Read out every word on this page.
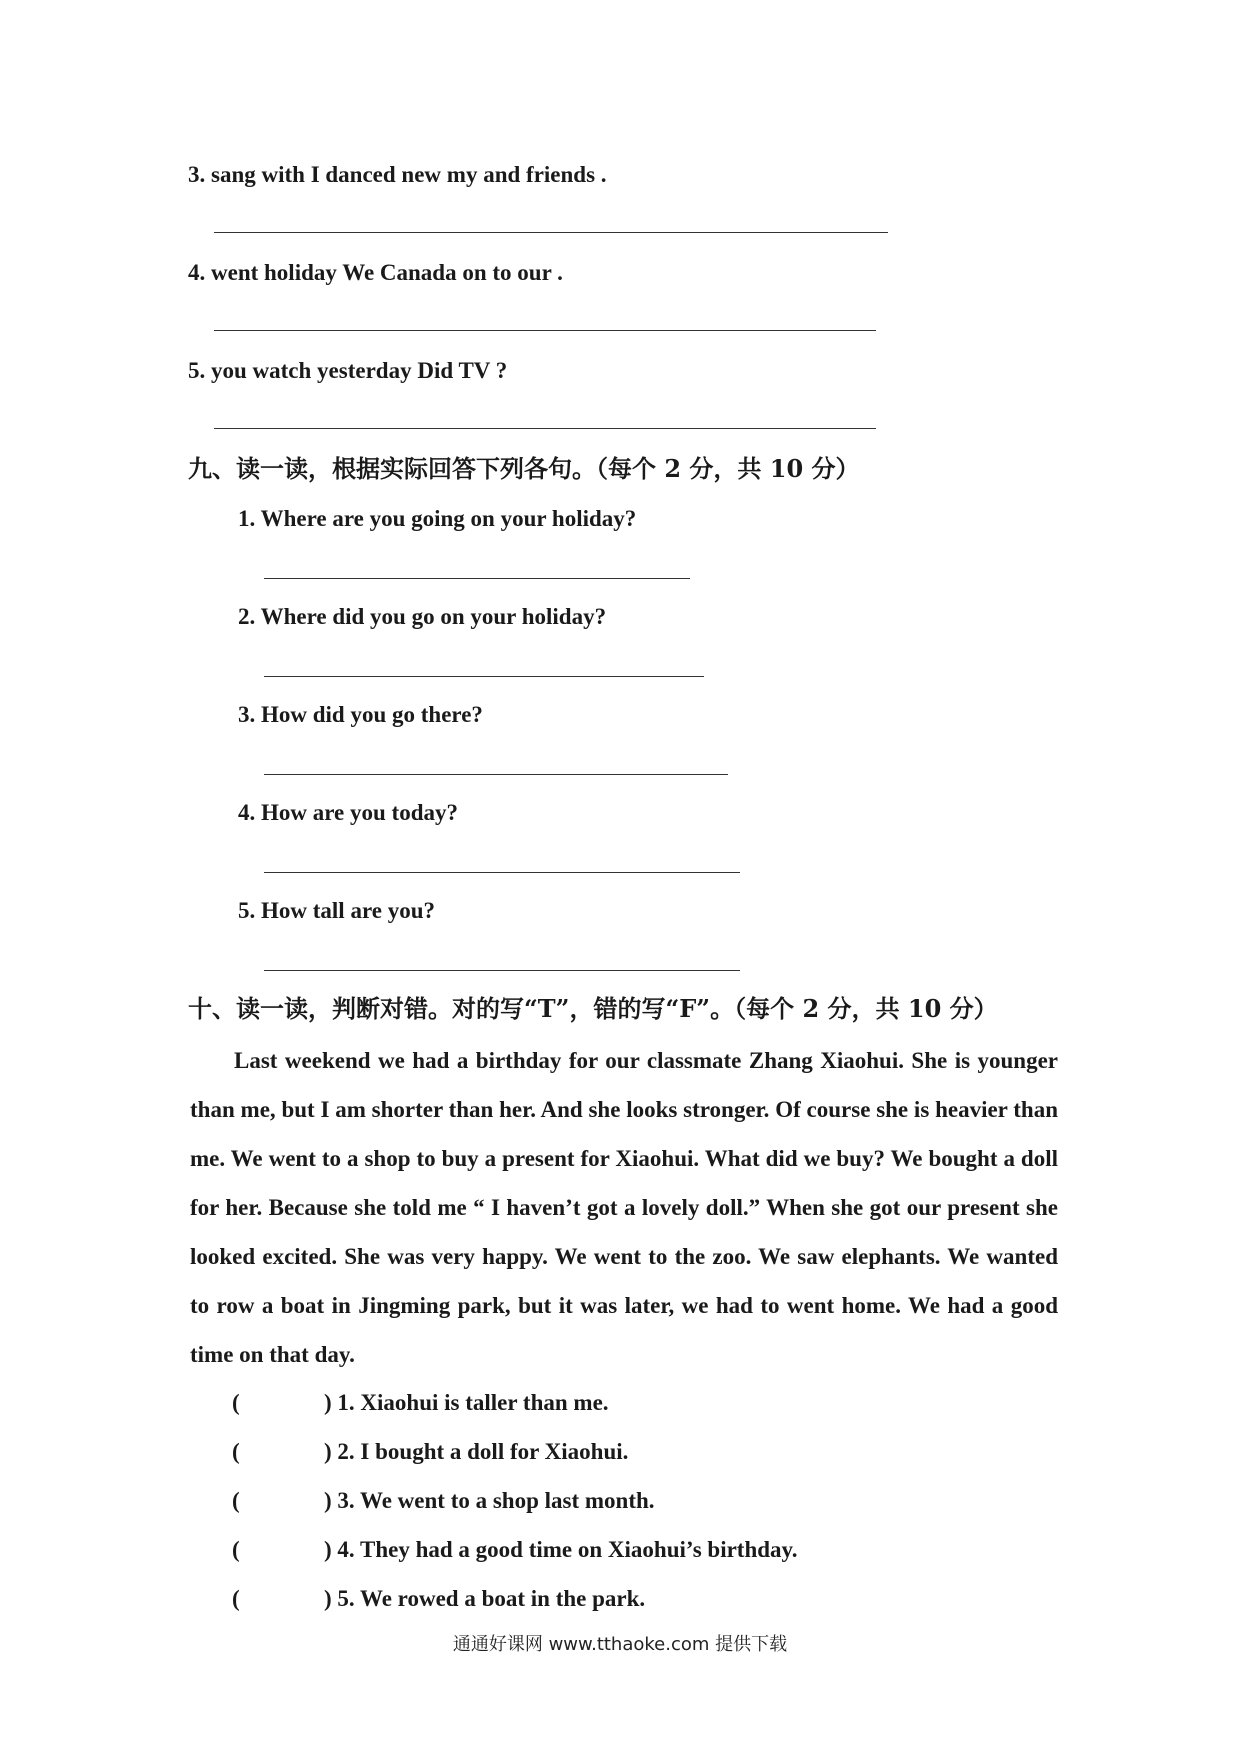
3. sang with I danced new my and friends .
4. went holiday We Canada on to our .
5. you watch yesterday Did TV ?
九、读一读，根据实际回答下列各句。（每个 2 分，共 10 分）
1. Where are you going on your holiday?
2. Where did you go on your holiday?
3. How did you go there?
4. How are you today?
5. How tall are you?
十、读一读，判断对错。对的写“T”，错的写“F”。（每个 2 分，共 10 分）
Last weekend we had a birthday for our classmate Zhang Xiaohui. She is younger than me, but I am shorter than her. And she looks stronger. Of course she is heavier than me. We went to a shop to buy a present for Xiaohui. What did we buy? We bought a doll for her. Because she told me “ I haven’t got a lovely doll.” When she got our present she looked excited. She was very happy. We went to the zoo. We saw elephants. We wanted to row a boat in Jingming park, but it was later, we had to went home. We had a good time on that day.
(	) 1. Xiaohui is taller than me.
(	) 2. I bought a doll for Xiaohui.
(	) 3. We went to a shop last month.
(	) 4. They had a good time on Xiaohui’s birthday.
(	) 5. We rowed a boat in the park.
通通好课网 www.tthaoke.com 提供下载
